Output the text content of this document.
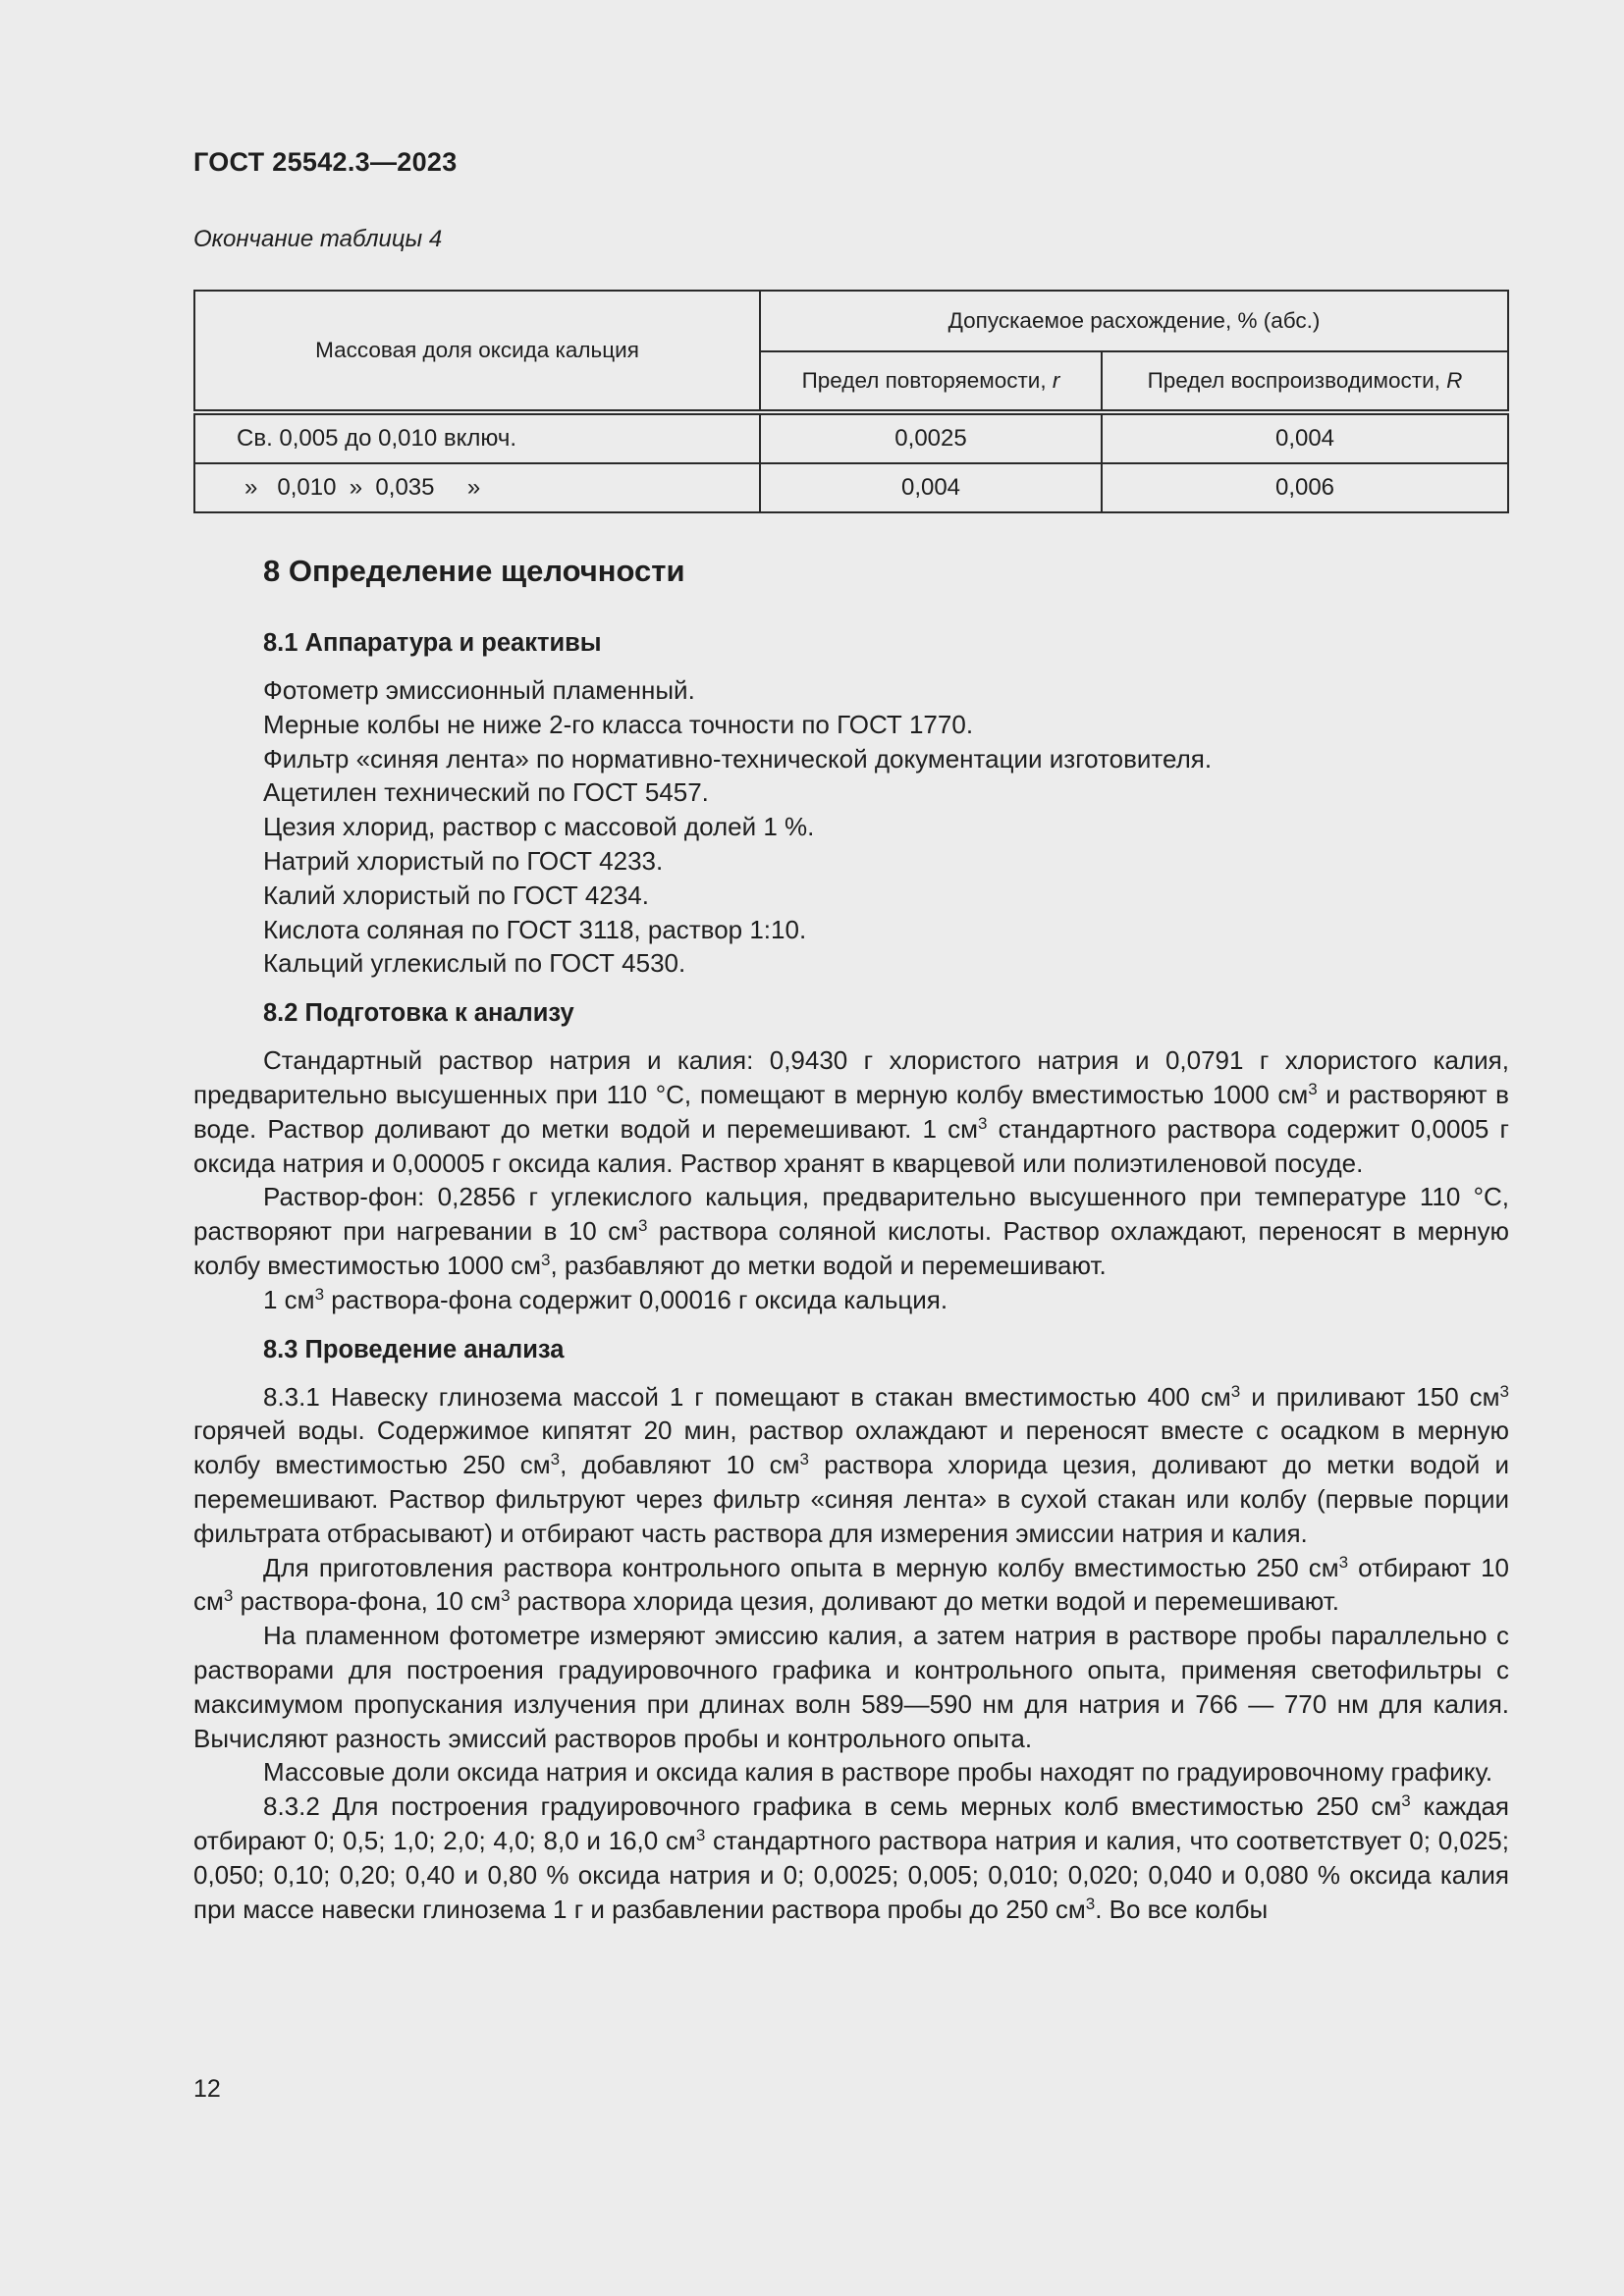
ГОСТ 25542.3—2023
Окончание таблицы 4
Массовая доля оксида кальция	Допускаемое расхождение, % (абс.)	
	Предел повторяемости, r	Предел воспроизводимости, R
Св. 0,005 до 0,010 включ.	0,0025	0,004
»   0,010  »  0,035     »	0,004	0,006
8 Определение щелочности
8.1 Аппаратура и реактивы
Фотометр эмиссионный пламенный.
Мерные колбы не ниже 2-го класса точности по ГОСТ 1770.
Фильтр «синяя лента» по нормативно-технической документации изготовителя.
Ацетилен технический по ГОСТ 5457.
Цезия хлорид, раствор с массовой долей 1 %.
Натрий хлористый по ГОСТ 4233.
Калий хлористый по ГОСТ 4234.
Кислота соляная по ГОСТ 3118, раствор 1:10.
Кальций углекислый по ГОСТ 4530.
8.2 Подготовка к анализу

Стандартный раствор натрия и калия: 0,9430 г хлористого натрия и 0,0791 г хлористого калия, предварительно высушенных при 110 °С, помещают в мерную колбу вместимостью 1000 $см^3$ и растворяют в воде. Раствор доливают до метки водой и перемешивают. 1 $см^3$ стандартного раствора содержит 0,0005 г оксида натрия и 0,00005 г оксида калия. Раствор хранят в кварцевой или полиэтиленовой посуде.

Раствор-фон: 0,2856 г углекислого кальция, предварительно высушенного при температуре 110 °С, растворяют при нагревании в 10 $см^3$ раствора соляной кислоты. Раствор охлаждают, переносят в мерную колбу вместимостью 1000 $см^3$, разбавляют до метки водой и перемешивают.

1 $см^3$ раствора-фона содержит 0,00016 г оксида кальция.

8.3 Проведение анализа

8.3.1 Навеску глинозема массой 1 г помещают в стакан вместимостью 400 $см^3$ и приливают 150 $см^3$ горячей воды. Содержимое кипятят 20 мин, раствор охлаждают и переносят вместе с осадком в мерную колбу вместимостью 250 $см^3$, добавляют 10 $см^3$ раствора хлорида цезия, доливают до метки водой и перемешивают. Раствор фильтруют через фильтр «синяя лента» в сухой стакан или колбу (первые порции фильтрата отбрасывают) и отбирают часть раствора для измерения эмиссии натрия и калия.

Для приготовления раствора контрольного опыта в мерную колбу вместимостью 250 $см^3$ отбирают 10 $см^3$ раствора-фона, 10 $см^3$ раствора хлорида цезия, доливают до метки водой и перемешивают.

На пламенном фотометре измеряют эмиссию калия, а затем натрия в растворе пробы параллельно с растворами для построения градуировочного графика и контрольного опыта, применяя светофильтры с максимумом пропускания излучения при длинах волн 589—590 нм для натрия и 766 — 770 нм для калия. Вычисляют разность эмиссий растворов пробы и контрольного опыта.

Массовые доли оксида натрия и оксида калия в растворе пробы находят по градуировочному графику.

8.3.2 Для построения градуировочного графика в семь мерных колб вместимостью 250 $см^3$ каждая отбирают 0; 0,5; 1,0; 2,0; 4,0; 8,0 и 16,0 $см^3$ стандартного раствора натрия и калия, что соответствует 0; 0,025; 0,050; 0,10; 0,20; 0,40 и 0,80 % оксида натрия и 0; 0,0025; 0,005; 0,010; 0,020; 0,040 и 0,080 % оксида калия при массе навески глинозема 1 г и разбавлении раствора пробы до 250 $см^3$. Во все колбы

12
